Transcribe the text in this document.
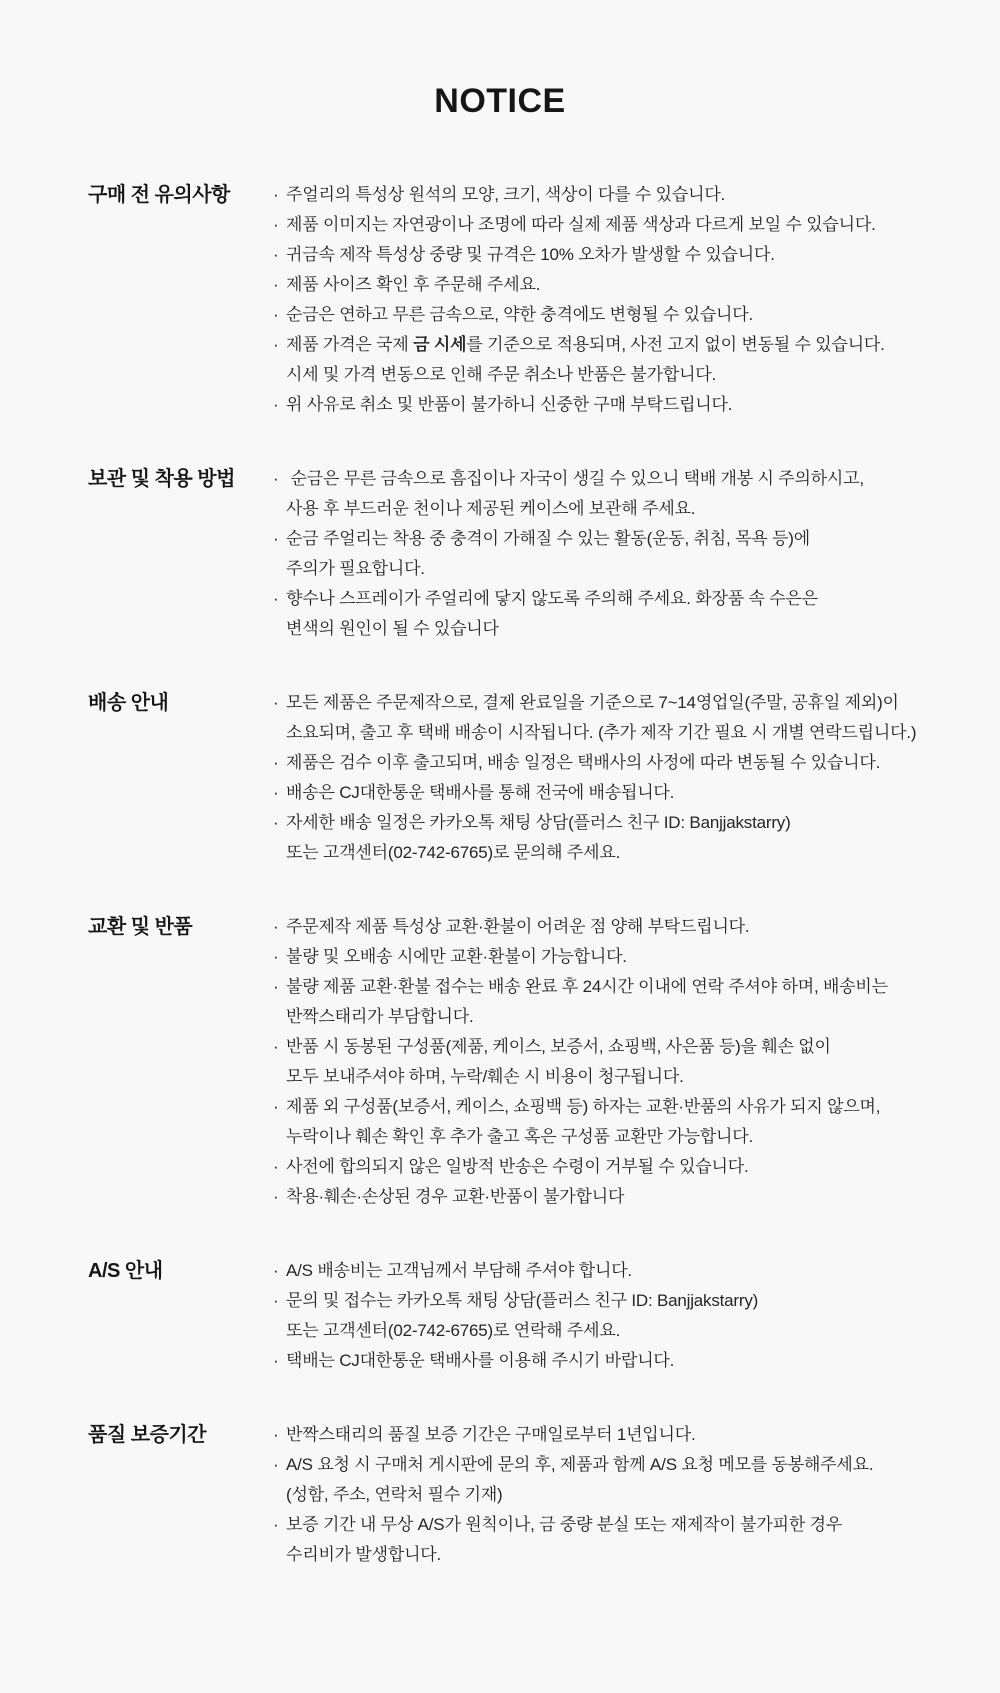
NOTICE
구매 전 유의사항	· 주얼리의 특성상 원석의 모양, 크기, 색상이 다를 수 있습니다.
· 제품 이미지는 자연광이나 조명에 따라 실제 제품 색상과 다르게 보일 수 있습니다.
· 귀금속 제작 특성상 중량 및 규격은 10% 오차가 발생할 수 있습니다.
· 제품 사이즈 확인 후 주문해 주세요.
· 순금은 연하고 무른 금속으로, 약한 충격에도 변형될 수 있습니다.
· 제품 가격은 국제 금 시세를 기준으로 적용되며, 사전 고지 없이 변동될 수 있습니다.
시세 및 가격 변동으로 인해 주문 취소나 반품은 불가합니다.
· 위 사유로 취소 및 반품이 불가하니 신중한 구매 부탁드립니다.
보관 및 착용 방법	· 순금은 무른 금속으로 흠집이나 자국이 생길 수 있으니 택배 개봉 시 주의하시고,
사용 후 부드러운 천이나 제공된 케이스에 보관해 주세요.
· 순금 주얼리는 착용 중 충격이 가해질 수 있는 활동(운동, 취침, 목욕 등)에
주의가 필요합니다.
· 향수나 스프레이가 주얼리에 닿지 않도록 주의해 주세요. 화장품 속 수은은
변색의 원인이 될 수 있습니다
배송 안내	· 모든 제품은 주문제작으로, 결제 완료일을 기준으로 7~14영업일(주말, 공휴일 제외)이
소요되며, 출고 후 택배 배송이 시작됩니다. (추가 제작 기간 필요 시 개별 연락드립니다.)
· 제품은 검수 이후 출고되며, 배송 일정은 택배사의 사정에 따라 변동될 수 있습니다.
· 배송은 CJ대한통운 택배사를 통해 전국에 배송됩니다.
· 자세한 배송 일정은 카카오톡 채팅 상담(플러스 친구 ID: Banjjakstarry)
또는 고객센터(02-742-6765)로 문의해 주세요.
교환 및 반품	· 주문제작 제품 특성상 교환·환불이 어려운 점 양해 부탁드립니다.
· 불량 및 오배송 시에만 교환·환불이 가능합니다.
· 불량 제품 교환·환불 접수는 배송 완료 후 24시간 이내에 연락 주셔야 하며, 배송비는
반짝스태리가 부담합니다.
· 반품 시 동봉된 구성품(제품, 케이스, 보증서, 쇼핑백, 사은품 등)을 훼손 없이
모두 보내주셔야 하며, 누락/훼손 시 비용이 청구됩니다.
· 제품 외 구성품(보증서, 케이스, 쇼핑백 등) 하자는 교환·반품의 사유가 되지 않으며,
누락이나 훼손 확인 후 추가 출고 혹은 구성품 교환만 가능합니다.
· 사전에 합의되지 않은 일방적 반송은 수령이 거부될 수 있습니다.
· 착용·훼손·손상된 경우 교환·반품이 불가합니다
A/S 안내	· A/S 배송비는 고객님께서 부담해 주셔야 합니다.
· 문의 및 접수는 카카오톡 채팅 상담(플러스 친구 ID: Banjjakstarry)
또는 고객센터(02-742-6765)로 연락해 주세요.
· 택배는 CJ대한통운 택배사를 이용해 주시기 바랍니다.
품질 보증기간	· 반짝스태리의 품질 보증 기간은 구매일로부터 1년입니다.
· A/S 요청 시 구매처 게시판에 문의 후, 제품과 함께 A/S 요청 메모를 동봉해주세요.
(성함, 주소, 연락처 필수 기재)
· 보증 기간 내 무상 A/S가 원칙이나, 금 중량 분실 또는 재제작이 불가피한 경우
수리비가 발생합니다.
